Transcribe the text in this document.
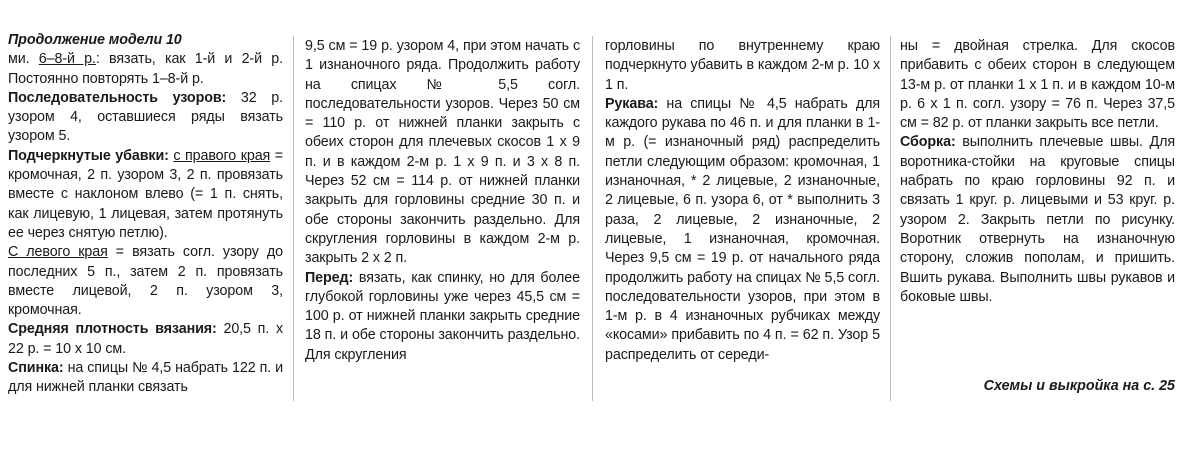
Продолжение модели 10

ми. 6–8-й р.: вязать, как 1-й и 2-й р. Постоянно повторять 1–8-й р.

Последовательность узоров: 32 р. узором 4, оставшиеся ряды вязать узором 5.

Подчеркнутые убавки: с правого края = кромочная, 2 п. узором 3, 2 п. провязать вместе с наклоном влево (= 1 п. снять, как лицевую, 1 лицевая, затем протянуть ее через снятую петлю).

С левого края = вязать согл. узору до последних 5 п., затем 2 п. провязать вместе лицевой, 2 п. узором 3, кромочная.

Средняя плотность вязания: 20,5 п. х 22 р. = 10 х 10 см.

Спинка: на спицы № 4,5 набрать 122 п. и для нижней планки связать

9,5 см = 19 р. узором 4, при этом начать с 1 изнаночного ряда. Продолжить работу на спицах № 5,5 согл. последовательности узоров. Через 50 см = 110 р. от нижней планки закрыть с обеих сторон для плечевых скосов 1 х 9 п. и в каждом 2-м р. 1 х 9 п. и 3 х 8 п. Через 52 см = 114 р. от нижней планки закрыть для горловины средние 30 п. и обе стороны закончить раздельно. Для скругления горловины в каждом 2-м р. закрыть 2 х 2 п.

Перед: вязать, как спинку, но для более глубокой горловины уже через 45,5 см = 100 р. от нижней планки закрыть средние 18 п. и обе стороны закончить раздельно. Для скругления

горловины по внутреннему краю подчеркнуто убавить в каждом 2-м р. 10 х 1 п.

Рукава: на спицы № 4,5 набрать для каждого рукава по 46 п. и для планки в 1-м р. (= изнаночный ряд) распределить петли следующим образом: кромочная, 1 изнаночная, * 2 лицевые, 2 изнаночные, 2 лицевые, 6 п. узора 6, от * выполнить 3 раза, 2 лицевые, 2 изнаночные, 2 лицевые, 1 изнаночная, кромочная. Через 9,5 см = 19 р. от начального ряда продолжить работу на спицах № 5,5 согл. последовательности узоров, при этом в 1-м р. в 4 изнаночных рубчиках между «косами» прибавить по 4 п. = 62 п. Узор 5 распределить от середи-

ны = двойная стрелка. Для скосов прибавить с обеих сторон в следующем 13-м р. от планки 1 х 1 п. и в каждом 10-м р. 6 х 1 п. согл. узору = 76 п. Через 37,5 см = 82 р. от планки закрыть все петли.

Сборка: выполнить плечевые швы. Для воротника-стойки на круговые спицы набрать по краю горловины 92 п. и связать 1 круг. р. лицевыми и 53 круг. р. узором 2. Закрыть петли по рисунку. Воротник отвернуть на изнаночную сторону, сложив пополам, и пришить. Вшить рукава. Выполнить швы рукавов и боковые швы.

Схемы и выкройка на с. 25
